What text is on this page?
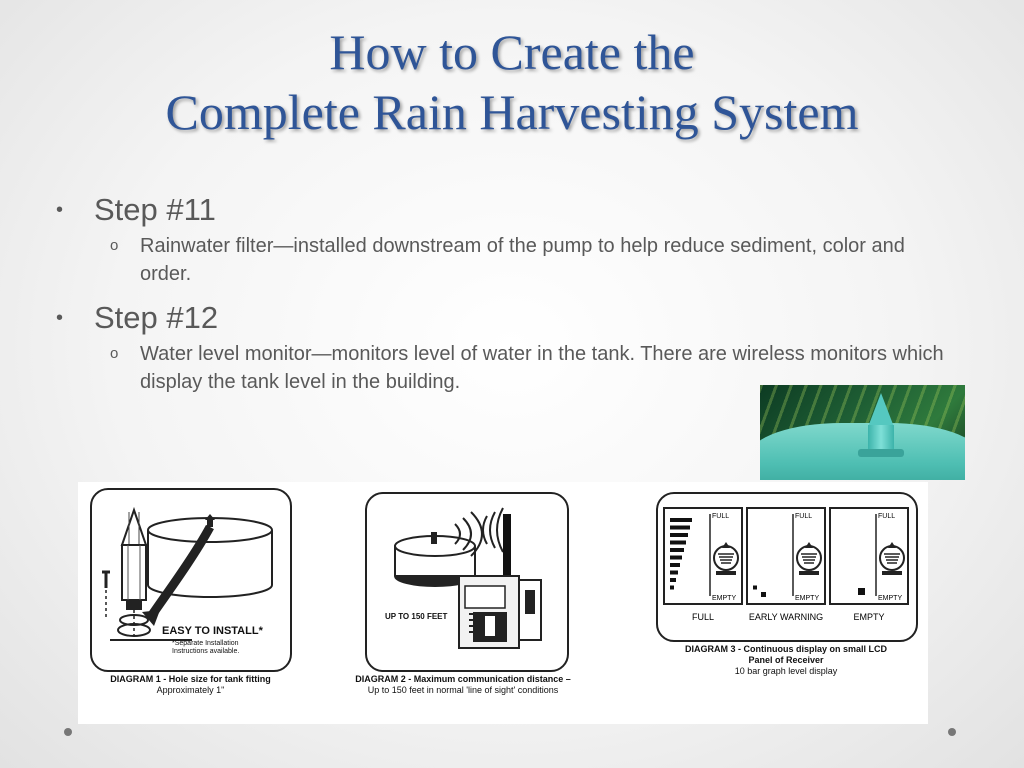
How to Create the
Complete Rain Harvesting System
• Step #11
o Rainwater filter—installed downstream of the pump to help reduce sediment, color and order.
• Step #12
o Water level monitor—monitors level of water in the tank. There are wireless monitors which display the tank level in the building.
EASY TO INSTALL*
*Separate Installation Instructions available.
DIAGRAM 1 - Hole size for tank fitting
Approximately 1"
UP TO 150 FEET
DIAGRAM 2 - Maximum communication distance – Up to 150 feet in normal 'line of sight' conditions
FULL
EMPTY
FULL
FULL
EMPTY
EARLY WARNING
FULL
EMPTY
EMPTY
DIAGRAM 3 - Continuous display on small LCD Panel of Receiver
10 bar graph level display
